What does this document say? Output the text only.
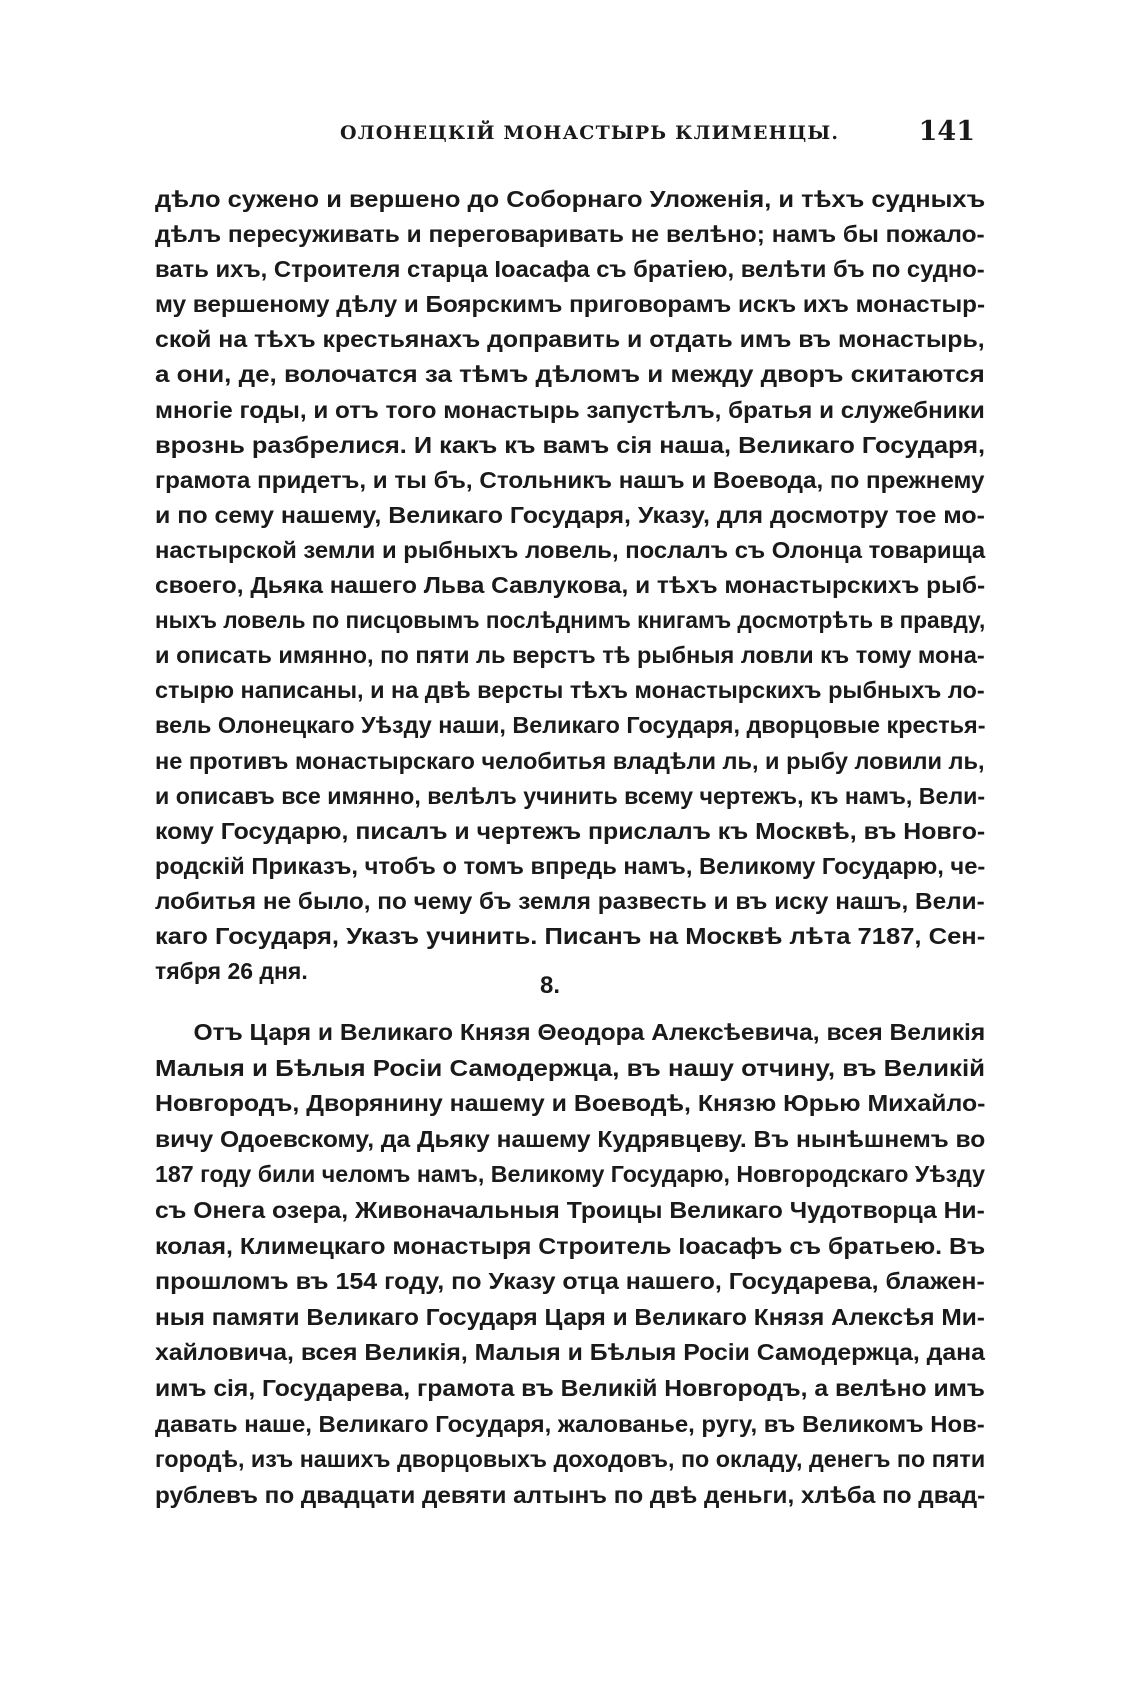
ОЛОНЕЦКІЙ МОНАСТЫРЬ КЛИМЕНЦЫ.	141
дѣло сужено и вершено до Соборнаго Уложенія, и тѣхъ судныхъ
дѣлъ пересуживать и переговаривать не велѣно; намъ бы пожало-
вать ихъ, Строителя старца Іоасафа съ братіею, велѣти бъ по судно-
му вершеному дѣлу и Боярскимъ приговорамъ искъ ихъ монастыр-
ской на тѣхъ крестьянахъ доправить и отдать имъ въ монастырь,
а они, де, волочатся за тѣмъ дѣломъ и между дворъ скитаются
многіе годы, и отъ того монастырь запустѣлъ, братья и служебники
врознь разбрелися. И какъ къ вамъ сія наша, Великаго Государя,
грамота придетъ, и ты бъ, Стольникъ нашъ и Воевода, по прежнему
и по сему нашему, Великаго Государя, Указу, для досмотру тое мо-
настырской земли и рыбныхъ ловель, послалъ съ Олонца товарища
своего, Дьяка нашего Льва Савлукова, и тѣхъ монастырскихъ рыб-
ныхъ ловель по писцовымъ послѣднимъ книгамъ досмотрѣть в правду,
и описать имянно, по пяти ль верстъ тѣ рыбныя ловли къ тому мона-
стырю написаны, и на двѣ версты тѣхъ монастырскихъ рыбныхъ ло-
вель Олонецкаго Уѣзду наши, Великаго Государя, дворцовые крестья-
не противъ монастырскаго челобитья владѣли ль, и рыбу ловили ль,
и описавъ все имянно, велѣлъ учинить всему чертежъ, къ намъ, Вели-
кому Государю, писалъ и чертежъ прислалъ къ Москвѣ, въ Новго-
родскій Приказъ, чтобъ о томъ впредь намъ, Великому Государю, че-
лобитья не было, по чему бъ земля развесть и въ иску нашъ, Вели-
каго Государя, Указъ учинить. Писанъ на Москвѣ лѣта 7187, Сен-
тября 26 дня.
8.
Отъ Царя и Великаго Князя Θеодора Алексѣевича, всея Великія
Малыя и Бѣлыя Росіи Самодержца, въ нашу отчину, въ Великій
Новгородъ, Дворянину нашему и Воеводѣ, Князю Юрью Михайло-
вичу Одоевскому, да Дьяку нашему Кудрявцеву. Въ нынѣшнемъ во
187 году били челомъ намъ, Великому Государю, Новгородскаго Уѣзду
съ Онега озера, Живоначальныя Троицы Великаго Чудотворца Ни-
колая, Климецкаго монастыря Строитель Іоасафъ съ братьею. Въ
прошломъ въ 154 году, по Указу отца нашего, Государева, блажен-
ныя памяти Великаго Государя Царя и Великаго Князя Алексѣя Ми-
хайловича, всея Великія, Малыя и Бѣлыя Росіи Самодержца, дана
имъ сія, Государева, грамота въ Великій Новгородъ, а велѣно имъ
давать наше, Великаго Государя, жалованье, ругу, въ Великомъ Нов-
городѣ, изъ нашихъ дворцовыхъ доходовъ, по окладу, денегъ по пяти
рублевъ по двадцати девяти алтынъ по двѣ деньги, хлѣба по двад-
